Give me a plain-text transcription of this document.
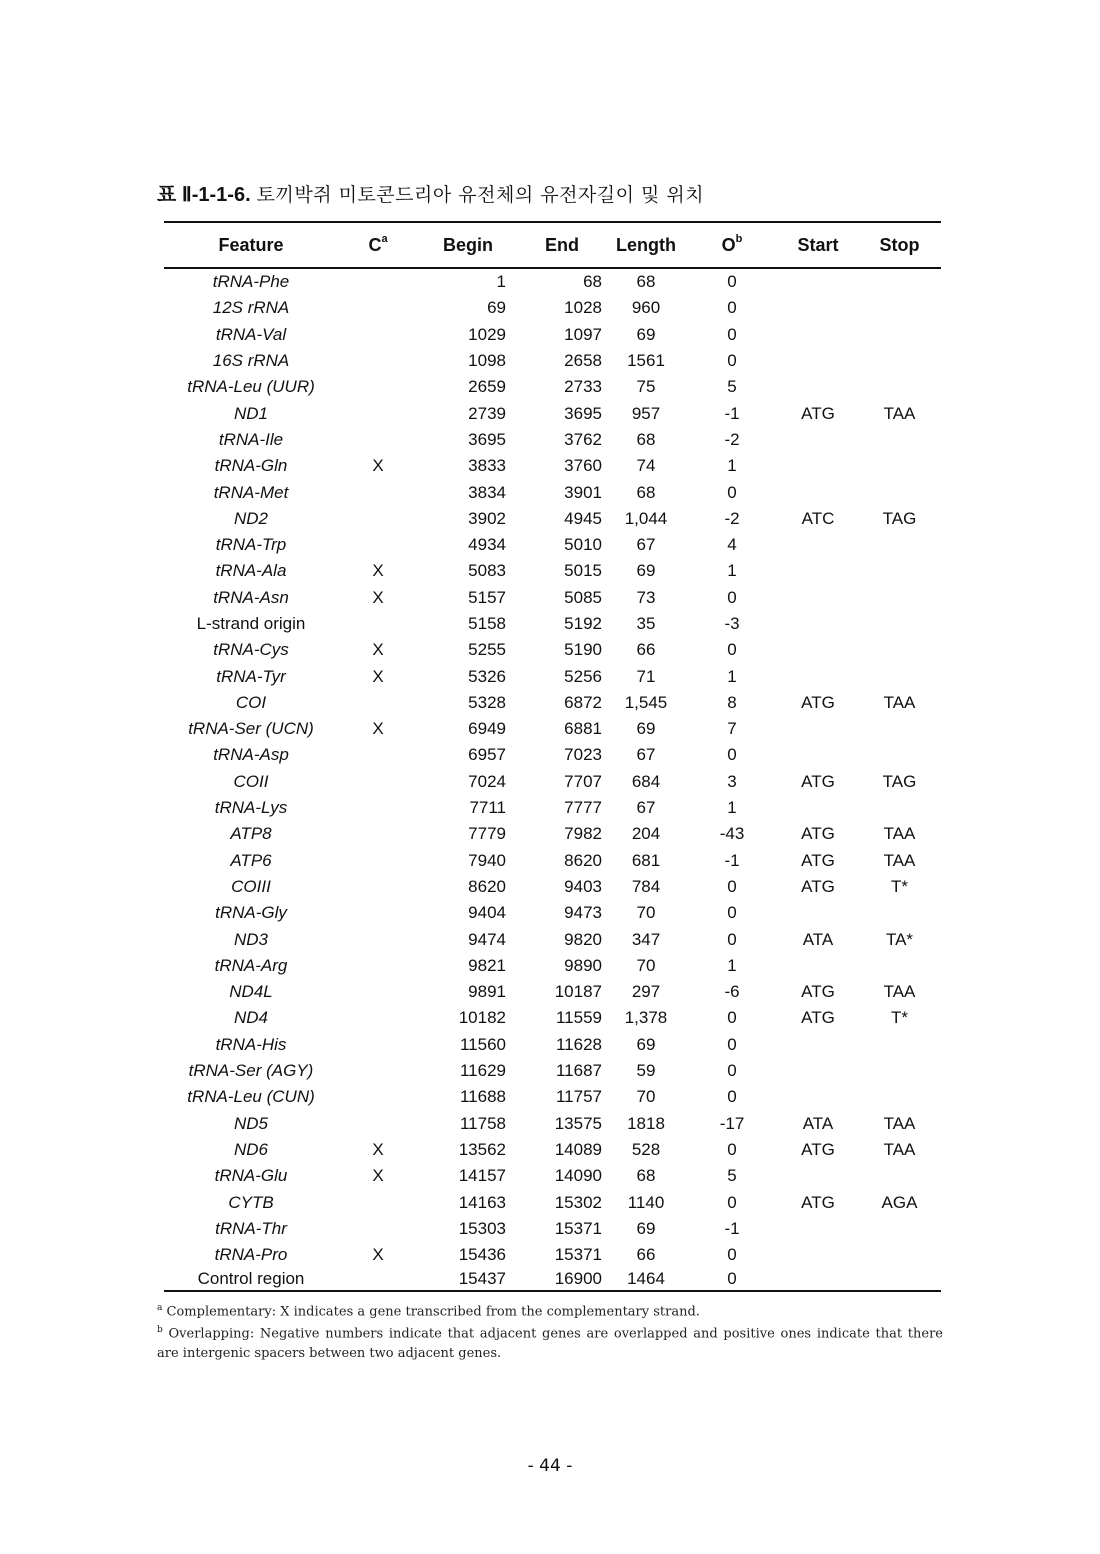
표 Ⅱ-1-1-6. 토끼박쥐 미토콘드리아 유전체의 유전자길이 및 위치
Feature	$C^a$	Begin	End	Length	$O^b$	Start	Stop
tRNA-Phe		1	68	68	0		
12S rRNA		69	1028	960	0		
tRNA-Val		1029	1097	69	0		
16S rRNA		1098	2658	1561	0		
tRNA-Leu (UUR)		2659	2733	75	5		
ND1		2739	3695	957	-1	ATG	TAA
tRNA-Ile		3695	3762	68	-2		
tRNA-Gln	X	3833	3760	74	1		
tRNA-Met		3834	3901	68	0		
ND2		3902	4945	1,044	-2	ATC	TAG
tRNA-Trp		4934	5010	67	4		
tRNA-Ala	X	5083	5015	69	1		
tRNA-Asn	X	5157	5085	73	0		
L-strand origin		5158	5192	35	-3		
tRNA-Cys	X	5255	5190	66	0		
tRNA-Tyr	X	5326	5256	71	1		
COI		5328	6872	1,545	8	ATG	TAA
tRNA-Ser (UCN)	X	6949	6881	69	7		
tRNA-Asp		6957	7023	67	0		
COII		7024	7707	684	3	ATG	TAG
tRNA-Lys		7711	7777	67	1		
ATP8		7779	7982	204	-43	ATG	TAA
ATP6		7940	8620	681	-1	ATG	TAA
COIII		8620	9403	784	0	ATG	T*
tRNA-Gly		9404	9473	70	0		
ND3		9474	9820	347	0	ATA	TA*
tRNA-Arg		9821	9890	70	1		
ND4L		9891	10187	297	-6	ATG	TAA
ND4		10182	11559	1,378	0	ATG	T*
tRNA-His		11560	11628	69	0		
tRNA-Ser (AGY)		11629	11687	59	0		
tRNA-Leu (CUN)		11688	11757	70	0		
ND5		11758	13575	1818	-17	ATA	TAA
ND6	X	13562	14089	528	0	ATG	TAA
tRNA-Glu	X	14157	14090	68	5		
CYTB		14163	15302	1140	0	ATG	AGA
tRNA-Thr		15303	15371	69	-1		
tRNA-Pro	X	15436	15371	66	0		
Control region		15437	16900	1464	0		

$^a$ Complementary: X indicates a gene transcribed from the complementary strand.

$^b$ Overlapping: Negative numbers indicate that adjacent genes are overlapped and positive ones indicate that there are intergenic spacers between two adjacent genes.

- 44 -
